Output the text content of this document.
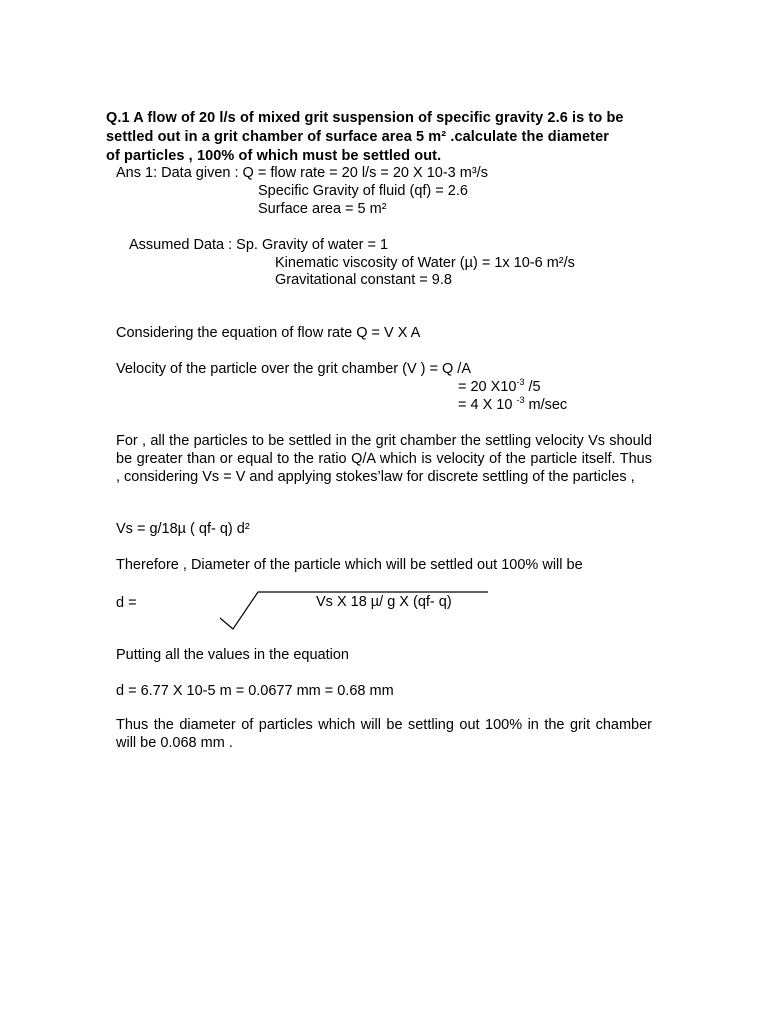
Q.1 A flow of 20 l/s of mixed grit suspension of specific gravity 2.6 is to be
settled out in a grit chamber of surface area 5 m² .calculate the diameter
of particles , 100% of which must be settled out.
Ans 1: Data given : Q = flow rate = 20 l/s = 20 X 10-3 m³/s
Specific Gravity of fluid (qf) = 2.6
Surface area = 5 m²
Assumed Data : Sp. Gravity of water = 1
Kinematic viscosity of Water (µ) = 1x 10-6 m²/s
Gravitational constant = 9.8
Considering the equation of flow rate Q = V X A
Velocity of the particle over the grit chamber (V ) = Q /A
= 20 $X10^{-3}$ /5
= 4 X 10 $^{-3}$ m/sec
For , all the particles to be settled in the grit chamber the settling velocity Vs should be greater than or equal to the ratio Q/A which is velocity of the particle itself. Thus , considering Vs = V and applying stokes’law for discrete settling of the particles ,
Vs = g/18µ ( qf- q) d²
Therefore , Diameter of the particle which will be settled out 100% will be
d =	Vs X 18 µ/ g X (qf- q)
Putting all the values in the equation
d = 6.77 X 10-5 m = 0.0677 mm = 0.68 mm
Thus the diameter of particles which will be settling out 100% in the grit chamber will be 0.068 mm .
